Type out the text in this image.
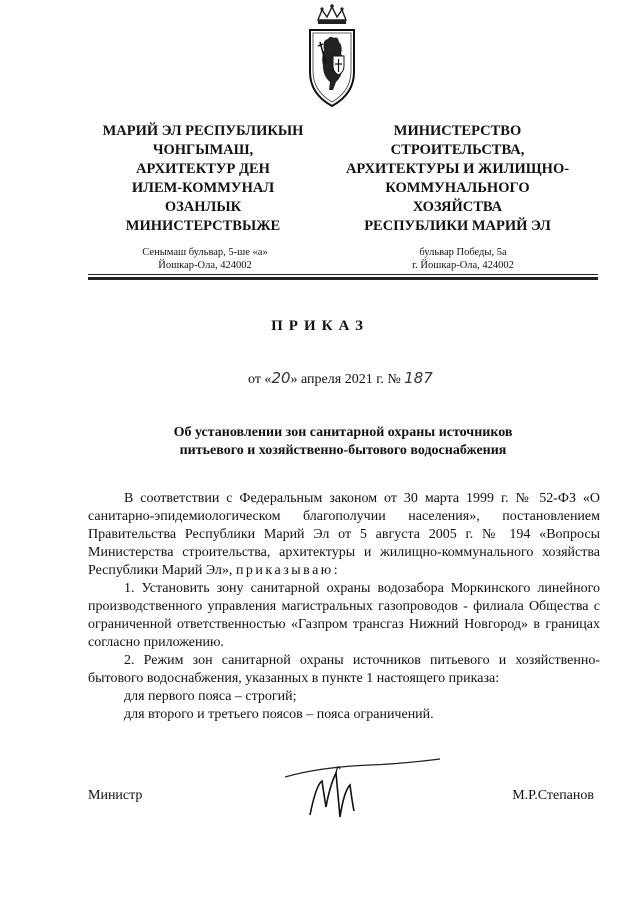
МАРИЙ ЭЛ РЕСПУБЛИКЫН
ЧОНГЫМАШ,
АРХИТЕКТУР ДЕН
ИЛЕМ-КОММУНАЛ
ОЗАНЛЫК
МИНИСТЕРСТВЫЖЕ
МИНИСТЕРСТВО
СТРОИТЕЛЬСТВА,
АРХИТЕКТУРЫ И ЖИЛИЩНО-
КОММУНАЛЬНОГО
ХОЗЯЙСТВА
РЕСПУБЛИКИ МАРИЙ ЭЛ
Сенымаш бульвар, 5-ше «а»
Йошкар-Ола, 424002
бульвар Победы, 5а
г. Йошкар-Ола, 424002
ПРИКАЗ
от «20» апреля 2021 г. № 187
Об установлении зон санитарной охраны источников
питьевого и хозяйственно-бытового водоснабжения

В соответствии с Федеральным законом от 30 марта 1999 г. № 52-ФЗ «О санитарно-эпидемиологическом благополучии населения», постановлением Правительства Республики Марий Эл от 5 августа 2005 г. № 194 «Вопросы Министерства строительства, архитектуры и жилищно-коммунального хозяйства Республики Марий Эл», приказываю:

1. Установить зону санитарной охраны водозабора Моркинского линейного производственного управления магистральных газопроводов - филиала Общества с ограниченной ответственностью «Газпром трансгаз Нижний Новгород» в границах согласно приложению.

2. Режим зон санитарной охраны источников питьевого и хозяйственно-бытового водоснабжения, указанных в пункте 1 настоящего приказа:

для первого пояса – строгий;

для второго и третьего поясов – пояса ограничений.

Министр	М.Р.Степанов
